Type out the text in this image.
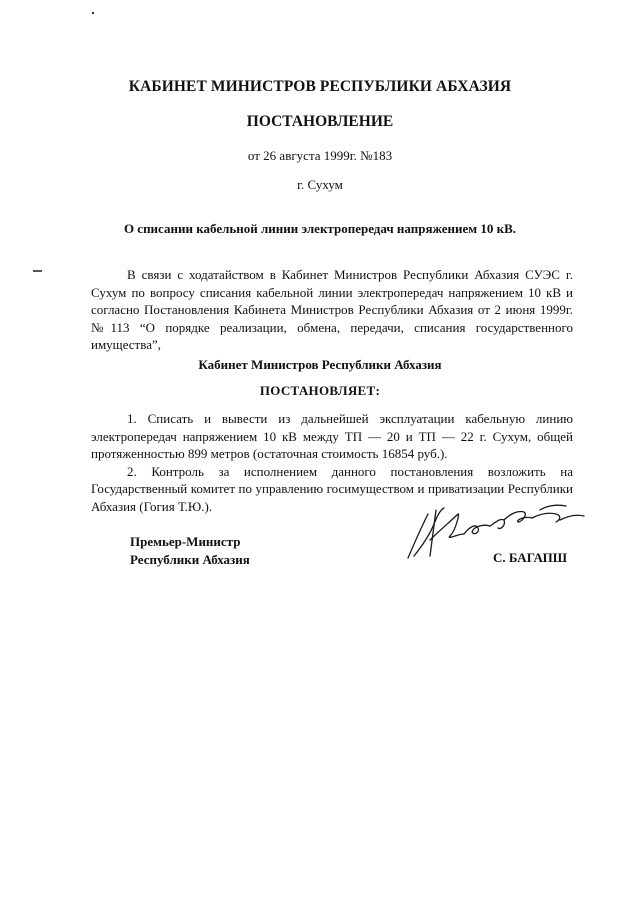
КАБИНЕТ МИНИСТРОВ РЕСПУБЛИКИ АБХАЗИЯ
ПОСТАНОВЛЕНИЕ
от 26 августа 1999г. №183
г. Сухум
О списании кабельной линии электропередач напряжением 10 кВ.

В связи с ходатайством в Кабинет Министров Республики Абхазия СУЭС г. Сухум по вопросу списания кабельной линии электропередач напряжением 10 кВ и согласно Постановления Кабинета Министров Республики Абхазия от 2 июня 1999г. №113 “О порядке реализации, обмена, передачи, списания государственного имущества”,

Кабинет Министров Республики Абхазия
ПОСТАНОВЛЯЕТ:

1. Списать и вывести из дальнейшей эксплуатации кабельную линию электропередач напряжением 10 кВ между ТП — 20 и ТП — 22 г. Сухум, общей протяженностью 899 метров (остаточная стоимость 16854 руб.).

2. Контроль за исполнением данного постановления возложить на Государственный комитет по управлению госимуществом и приватизации Республики Абхазия (Гогия Т.Ю.).

Премьер-Министр
Республики Абхазия	С. БАГАПШ
